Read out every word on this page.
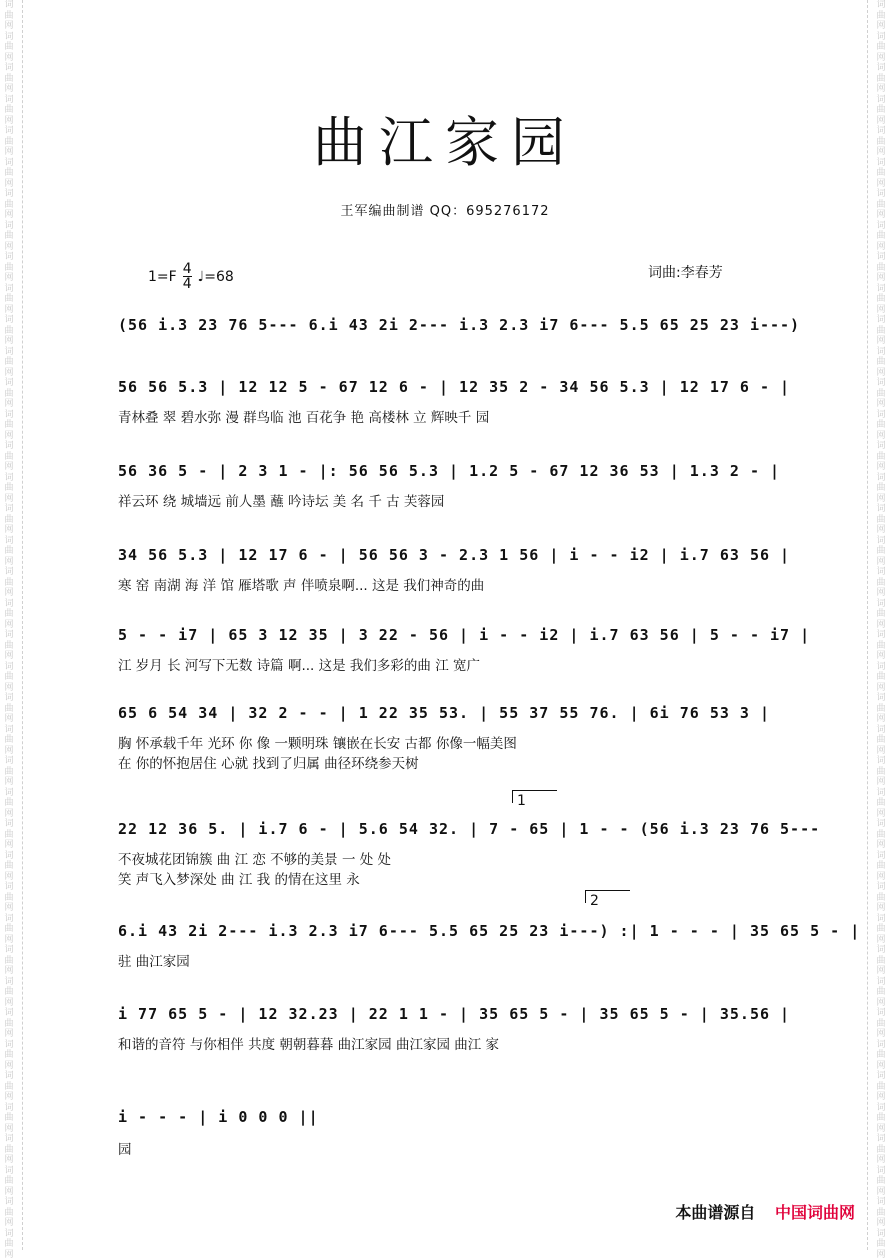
词曲网词曲网词曲网词曲网词曲网词曲网词曲网词曲网词曲网词曲网词曲网词曲网词曲网词曲网词曲网词曲网词曲网词曲网词曲网词曲网词曲网词曲网词曲网词曲网词曲网词曲网词曲网词曲网词曲网词曲网词曲网词曲网词曲网词曲网词曲网词曲网词曲网词曲网词曲网词曲网
词曲网词曲网词曲网词曲网词曲网词曲网词曲网词曲网词曲网词曲网词曲网词曲网词曲网词曲网词曲网词曲网词曲网词曲网词曲网词曲网词曲网词曲网词曲网词曲网词曲网词曲网词曲网词曲网词曲网词曲网词曲网词曲网词曲网词曲网词曲网词曲网词曲网词曲网词曲网词曲网
曲江家园
王军编曲制谱 QQ：695276172
1=F 4
4 ♩=68	词曲:李春芳
(56 i.3 23 76 5--- 6.i 43 2i 2--- i.3 2.3 i7 6--- 5.5 65 25 23 i---)
56 56 5.3 | 12 12 5 - 67 12 6 - | 12 35 2 - 34 56 5.3 | 12 17 6 - |
青林叠 翠 碧水弥 漫 群鸟临 池 百花争 艳 高楼林 立 辉映千 园
56 36 5 - | 2 3 1 - |: 56 56 5.3 | 1.2 5 - 67 12 36 53 | 1.3 2 - |
祥云环 绕 城墙远 前人墨 蘸 吟诗坛 美 名 千 古 芙蓉园
34 56 5.3 | 12 17 6 - | 56 56 3 - 2.3 1 56 | i - - i2 | i.7 63 56 |
寒 窑 南湖 海 洋 馆 雁塔歌 声 伴喷泉啊... 这是 我们神奇的曲
5 - - i7 | 65 3 12 35 | 3 22 - 56 | i - - i2 | i.7 63 56 | 5 - - i7 |
江 岁月 长 河写下无数 诗篇 啊... 这是 我们多彩的曲 江 宽广
65 6 54 34 | 32 2 - - | 1 22 35 53. | 55 37 55 76. | 6i 76 53 3 |
胸 怀承载千年 光环 你 像 一颗明珠 镶嵌在长安 古都 你像一幅美图
在 你的怀抱居住 心就 找到了归属 曲径环绕参天树
1
22 12 36 5. | i.7 6 - | 5.6 54 32. | 7 - 65 | 1 - - (56 i.3 23 76 5---
不夜城花团锦簇 曲 江 恋 不够的美景 一 处 处
笑 声飞入梦深处 曲 江 我 的情在这里 永
2
6.i 43 2i 2--- i.3 2.3 i7 6--- 5.5 65 25 23 i---) :| 1 - - - | 35 65 5 - |
驻 曲江家园
i 77 65 5 - | 12 32.23 | 22 1 1 - | 35 65 5 - | 35 65 5 - | 35.56 |
和谐的音符 与你相伴 共度 朝朝暮暮 曲江家园 曲江家园 曲江 家
i - - - | i 0 0 0 ||
园
本曲谱源自 中国词曲网
